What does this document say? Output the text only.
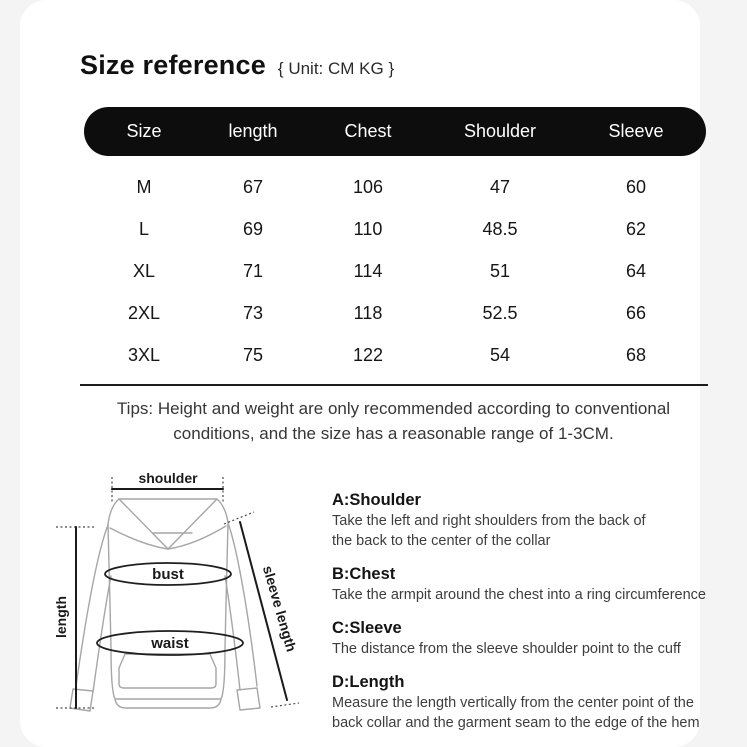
Size reference { Unit: CM KG }
Size	length	Chest	Shoulder	Sleeve
M	67	106	47	60
L	69	110	48.5	62
XL	71	114	51	64
2XL	73	118	52.5	66
3XL	75	122	54	68
Tips: Height and weight are only recommended according to conventional
conditions, and the size has a reasonable range of 1-3CM.
shoulder
bust
waist
length	sleeve length
A:Shoulder
Take the left and right shoulders from the back of
the back to the center of the collar
B:Chest
Take the armpit around the chest into a ring circumference
C:Sleeve
The distance from the sleeve shoulder point to the cuff
D:Length
Measure the length vertically from the center point of the
back collar and the garment seam to the edge of the hem
